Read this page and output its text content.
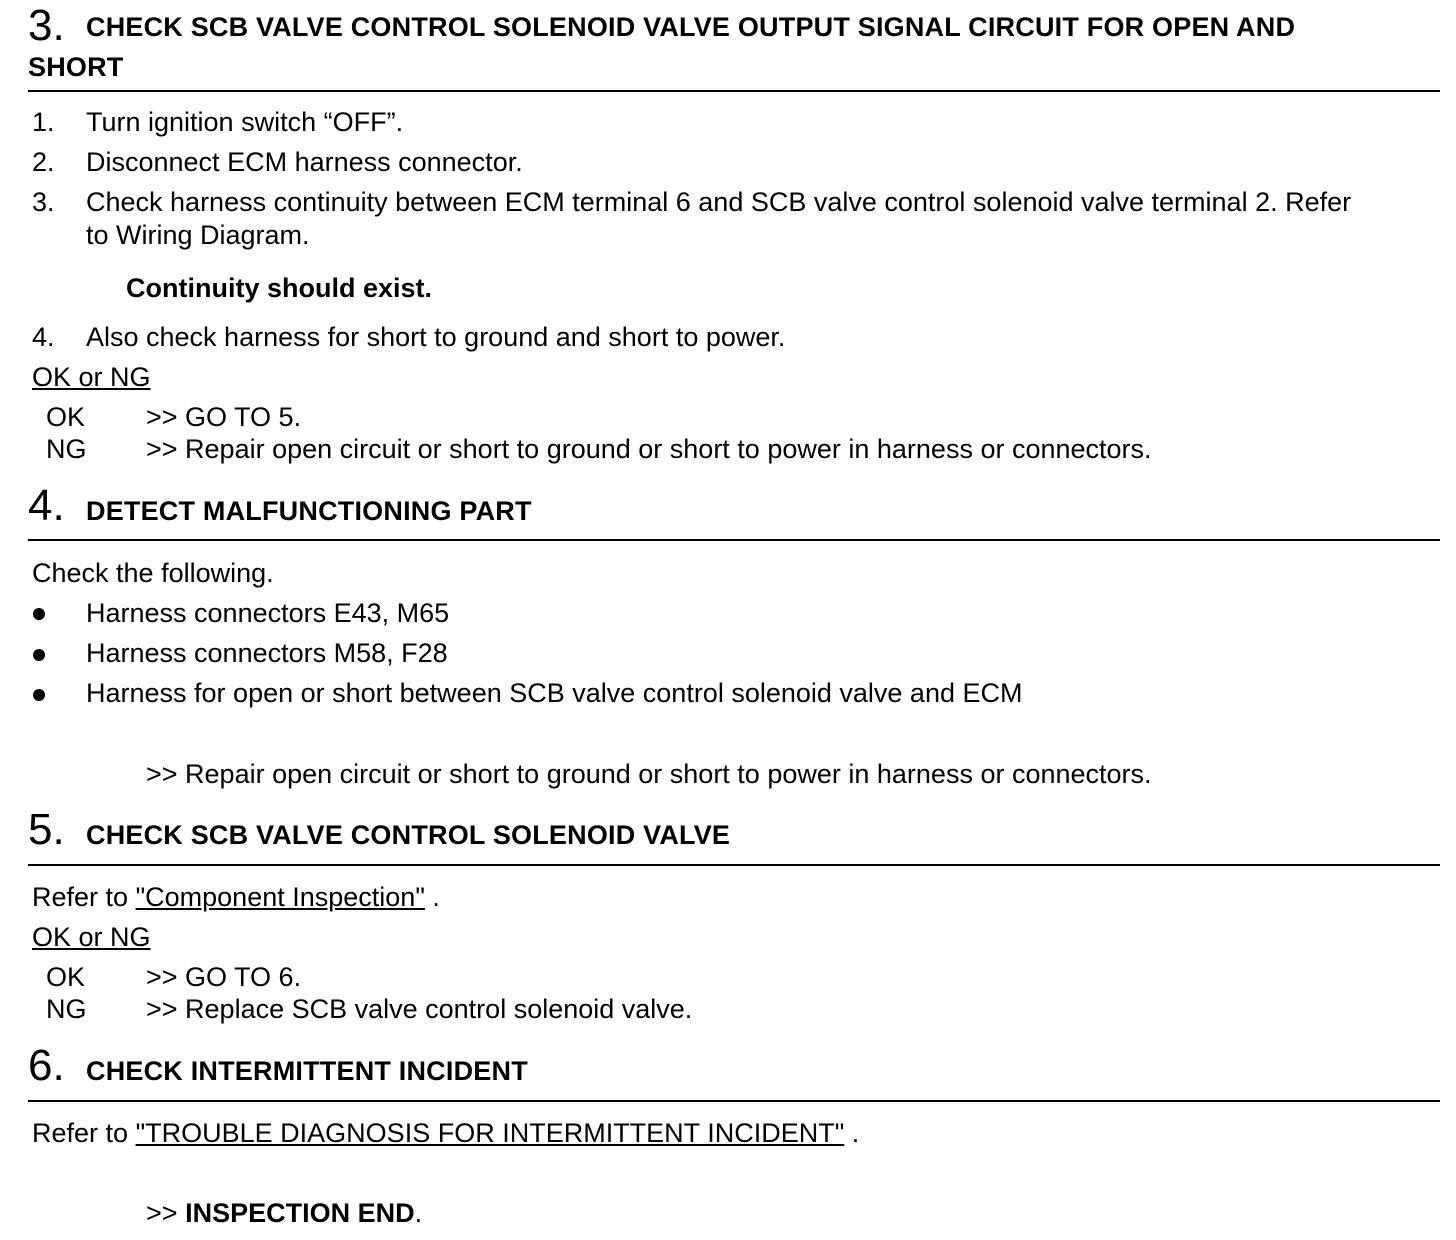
3. CHECK SCB VALVE CONTROL SOLENOID VALVE OUTPUT SIGNAL CIRCUIT FOR OPEN AND
SHORT
1. Turn ignition switch “OFF”.
2. Disconnect ECM harness connector.
3. Check harness continuity between ECM terminal 6 and SCB valve control solenoid valve terminal 2. Refer
to Wiring Diagram.
Continuity should exist.
4. Also check harness for short to ground and short to power.
OK or NG
OK >> GO TO 5.
NG >> Repair open circuit or short to ground or short to power in harness or connectors.
4. DETECT MALFUNCTIONING PART
Check the following.
Harness connectors E43, M65
Harness connectors M58, F28
Harness for open or short between SCB valve control solenoid valve and ECM
>> Repair open circuit or short to ground or short to power in harness or connectors.
5. CHECK SCB VALVE CONTROL SOLENOID VALVE
Refer to "Component Inspection" .
OK or NG
OK >> GO TO 6.
NG >> Replace SCB valve control solenoid valve.
6. CHECK INTERMITTENT INCIDENT
Refer to "TROUBLE DIAGNOSIS FOR INTERMITTENT INCIDENT" .
>> INSPECTION END.
